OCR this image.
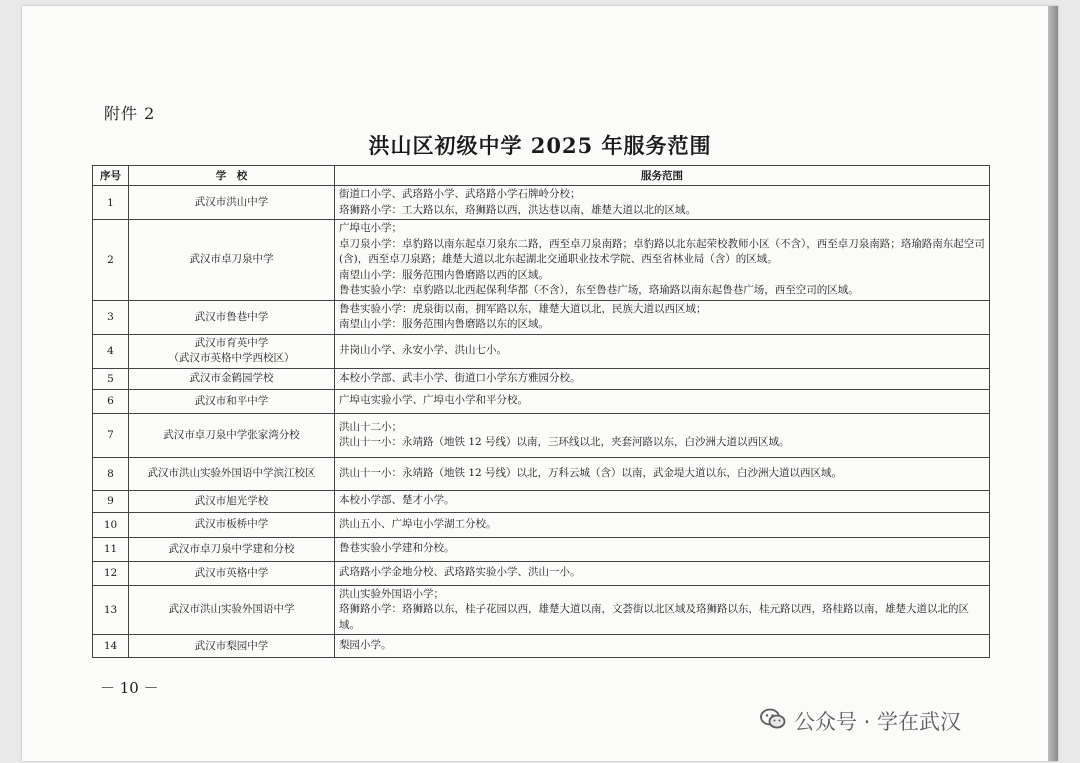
附件 2
洪山区初级中学 2025 年服务范围
序号	学　校	服务范围
1	武汉市洪山中学	街道口小学、武珞路小学、武珞路小学石牌岭分校；
珞狮路小学：工大路以东，珞狮路以西，洪达巷以南，雄楚大道以北的区域。

2	武汉市卓刀泉中学	广埠屯小学；
卓刀泉小学：卓豹路以南东起卓刀泉东二路，西至卓刀泉南路；卓豹路以北东起荣校教师小区（不含），西至卓刀泉南路；珞瑜路南东起空司(含)，西至卓刀泉路；雄楚大道以北东起湖北交通职业技术学院、西至省林业局（含）的区域。
南望山小学：服务范围内鲁磨路以西的区域。
鲁巷实验小学：卓豹路以北西起保利华都（不含），东至鲁巷广场，珞瑜路以南东起鲁巷广场，西至空司的区域。

3	武汉市鲁巷中学	鲁巷实验小学：虎泉街以南，拥军路以东，雄楚大道以北，民族大道以西区域；
南望山小学：服务范围内鲁磨路以东的区域。

4	武汉市育英中学
（武汉市英格中学西校区）	井岗山小学、永安小学、洪山七小。

5	武汉市金鹤园学校	本校小学部、武丰小学、街道口小学东方雅园分校。

6	武汉市和平中学	广埠屯实验小学、广埠屯小学和平分校。

7	武汉市卓刀泉中学张家湾分校	洪山十二小；
洪山十一小：永靖路（地铁 12 号线）以南，三环线以北，夹套河路以东，白沙洲大道以西区域。

8	武汉市洪山实验外国语中学滨江校区	洪山十一小：永靖路（地铁 12 号线）以北，万科云城（含）以南，武金堤大道以东，白沙洲大道以西区域。

9	武汉市旭光学校	本校小学部、楚才小学。

10	武汉市板桥中学	洪山五小、广埠屯小学湖工分校。

11	武汉市卓刀泉中学建和分校	鲁巷实验小学建和分校。

12	武汉市英格中学	武珞路小学金地分校、武珞路实验小学、洪山一小。

13	武汉市洪山实验外国语中学	洪山实验外国语小学；
珞狮路小学：珞狮路以东，桂子花园以西，雄楚大道以南，文荟街以北区域及珞狮路以东，桂元路以西，珞桂路以南，雄楚大道以北的区域。

14	武汉市梨园中学	梨园小学。
－ 10 －
公众号 · 学在武汉
